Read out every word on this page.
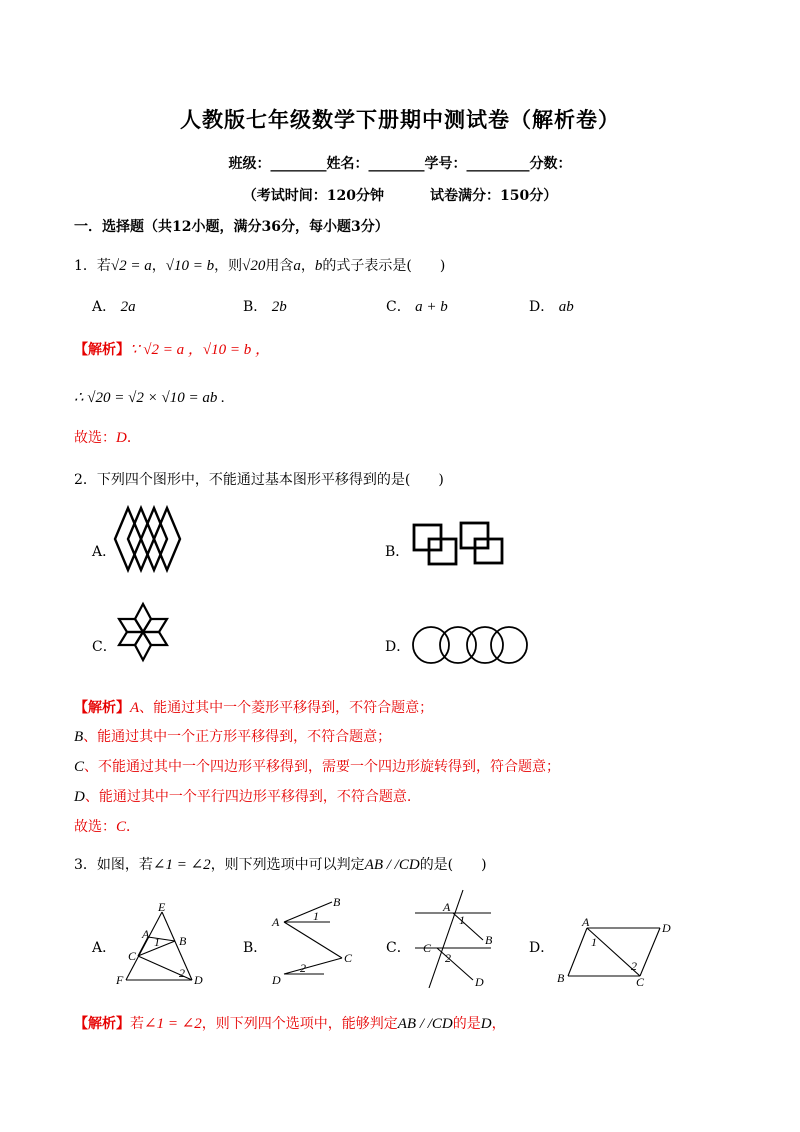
人教版七年级数学下册期中测试卷（解析卷）
班级：________姓名：________学号：_________分数：
（考试时间：120分钟	试卷满分：150分）
一．选择题（共12小题，满分36分，每小题3分）
1．若√2 = a，√10 = b，则√20用含a，b的式子表示是(　　)
A． 2a	B． 2b	C． a + b	D． ab
【解析】∵ √2 = a ，√10 = b ，
∴ √20 = √2 × √10 = ab .
故选：D．
2．下列四个图形中，不能通过基本图形平移得到的是(　　)
A．	B．
C．	D．
【解析】A、能通过其中一个菱形平移得到，不符合题意；
B、能通过其中一个正方形平移得到，不符合题意；
C、不能通过其中一个四边形平移得到，需要一个四边形旋转得到，符合题意；
D、能通过其中一个平行四边形平移得到，不符合题意.
故选：C．
3．如图，若∠1 = ∠2，则下列选项中可以判定AB / /CD的是(　　)
A．
E
A B
C
F	D
1
2
B．
A
B
C
D
1
2
C．
A
B
C
D
1
2
D．
A	D
B	C
1
2
【解析】若∠1 = ∠2，则下列四个选项中，能够判定AB / /CD的是D，
